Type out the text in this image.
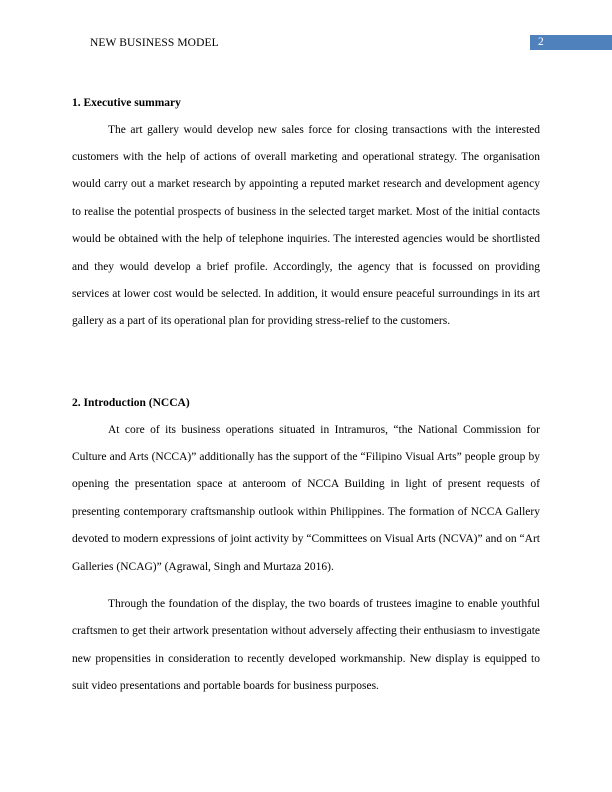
NEW BUSINESS MODEL	2
1. Executive summary

The art gallery would develop new sales force for closing transactions with the interested customers with the help of actions of overall marketing and operational strategy. The organisation would carry out a market research by appointing a reputed market research and development agency to realise the potential prospects of business in the selected target market. Most of the initial contacts would be obtained with the help of telephone inquiries. The interested agencies would be shortlisted and they would develop a brief profile. Accordingly, the agency that is focussed on providing services at lower cost would be selected. In addition, it would ensure peaceful surroundings in its art gallery as a part of its operational plan for providing stress-relief to the customers.

2. Introduction (NCCA)

At core of its business operations situated in Intramuros, “the National Commission for Culture and Arts (NCCA)” additionally has the support of the “Filipino Visual Arts” people group by opening the presentation space at anteroom of NCCA Building in light of present requests of presenting contemporary craftsmanship outlook within Philippines. The formation of NCCA Gallery devoted to modern expressions of joint activity by “Committees on Visual Arts (NCVA)” and on “Art Galleries (NCAG)” (Agrawal, Singh and Murtaza 2016).

Through the foundation of the display, the two boards of trustees imagine to enable youthful craftsmen to get their artwork presentation without adversely affecting their enthusiasm to investigate new propensities in consideration to recently developed workmanship. New display is equipped to suit video presentations and portable boards for business purposes.
